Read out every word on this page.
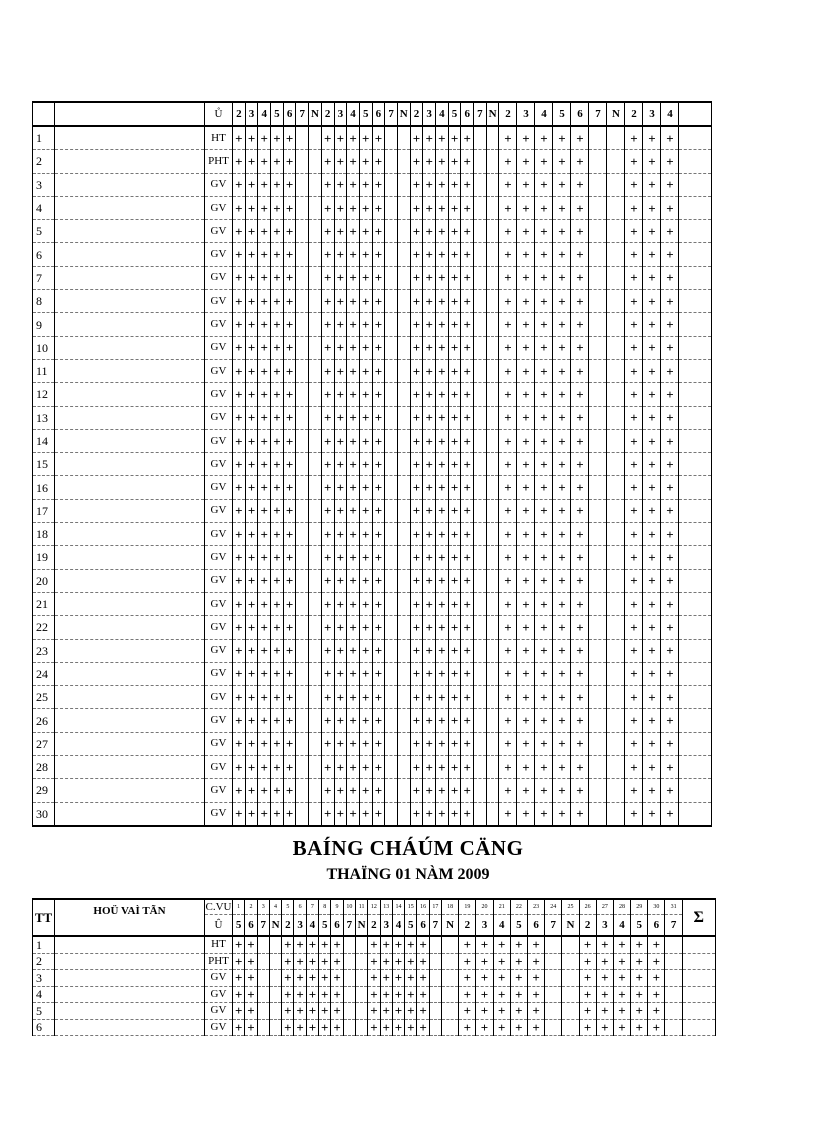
		Ů	2	3	4	5	6	7	N	2	3	4	5	6	7	N	2	3	4	5	6	7	N	2	3	4	5	6	7	N	2	3	4	
1		HT	+	+	+	+	+			+	+	+	+	+			+	+	+	+	+			+	+	+	+	+			+	+	+	
2		PHT	+	+	+	+	+			+	+	+	+	+			+	+	+	+	+			+	+	+	+	+			+	+	+	
3		GV	+	+	+	+	+			+	+	+	+	+			+	+	+	+	+			+	+	+	+	+			+	+	+	
4		GV	+	+	+	+	+			+	+	+	+	+			+	+	+	+	+			+	+	+	+	+			+	+	+	
5		GV	+	+	+	+	+			+	+	+	+	+			+	+	+	+	+			+	+	+	+	+			+	+	+	
6		GV	+	+	+	+	+			+	+	+	+	+			+	+	+	+	+			+	+	+	+	+			+	+	+	
7		GV	+	+	+	+	+			+	+	+	+	+			+	+	+	+	+			+	+	+	+	+			+	+	+	
8		GV	+	+	+	+	+			+	+	+	+	+			+	+	+	+	+			+	+	+	+	+			+	+	+	
9		GV	+	+	+	+	+			+	+	+	+	+			+	+	+	+	+			+	+	+	+	+			+	+	+	
10		GV	+	+	+	+	+			+	+	+	+	+			+	+	+	+	+			+	+	+	+	+			+	+	+	
11		GV	+	+	+	+	+			+	+	+	+	+			+	+	+	+	+			+	+	+	+	+			+	+	+	
12		GV	+	+	+	+	+			+	+	+	+	+			+	+	+	+	+			+	+	+	+	+			+	+	+	
13		GV	+	+	+	+	+			+	+	+	+	+			+	+	+	+	+			+	+	+	+	+			+	+	+	
14		GV	+	+	+	+	+			+	+	+	+	+			+	+	+	+	+			+	+	+	+	+			+	+	+	
15		GV	+	+	+	+	+			+	+	+	+	+			+	+	+	+	+			+	+	+	+	+			+	+	+	
16		GV	+	+	+	+	+			+	+	+	+	+			+	+	+	+	+			+	+	+	+	+			+	+	+	
17		GV	+	+	+	+	+			+	+	+	+	+			+	+	+	+	+			+	+	+	+	+			+	+	+	
18		GV	+	+	+	+	+			+	+	+	+	+			+	+	+	+	+			+	+	+	+	+			+	+	+	
19		GV	+	+	+	+	+			+	+	+	+	+			+	+	+	+	+			+	+	+	+	+			+	+	+	
20		GV	+	+	+	+	+			+	+	+	+	+			+	+	+	+	+			+	+	+	+	+			+	+	+	
21		GV	+	+	+	+	+			+	+	+	+	+			+	+	+	+	+			+	+	+	+	+			+	+	+	
22		GV	+	+	+	+	+			+	+	+	+	+			+	+	+	+	+			+	+	+	+	+			+	+	+	
23		GV	+	+	+	+	+			+	+	+	+	+			+	+	+	+	+			+	+	+	+	+			+	+	+	
24		GV	+	+	+	+	+			+	+	+	+	+			+	+	+	+	+			+	+	+	+	+			+	+	+	
25		GV	+	+	+	+	+			+	+	+	+	+			+	+	+	+	+			+	+	+	+	+			+	+	+	
26		GV	+	+	+	+	+			+	+	+	+	+			+	+	+	+	+			+	+	+	+	+			+	+	+	
27		GV	+	+	+	+	+			+	+	+	+	+			+	+	+	+	+			+	+	+	+	+			+	+	+	
28		GV	+	+	+	+	+			+	+	+	+	+			+	+	+	+	+			+	+	+	+	+			+	+	+	
29		GV	+	+	+	+	+			+	+	+	+	+			+	+	+	+	+			+	+	+	+	+			+	+	+	
30		GV	+	+	+	+	+			+	+	+	+	+			+	+	+	+	+			+	+	+	+	+			+	+	+	
BAÍNG CHÁÚM CÄNG
THAÏNG 01 NÀM 2009
TT	HOÜ VAÌ TÃN	C.VU	1	2	3	4	5	6	7	8	9	10	11	12	13	14	15	16	17	18	19	20	21	22	23	24	25	26	27	28	29	30	31	Σ
		Û	5	6	7	N	2	3	4	5	6	7	N	2	3	4	5	6	7	N	2	3	4	5	6	7	N	2	3	4	5	6	7	
1		HT	+	+			+	+	+	+	+			+	+	+	+	+			+	+	+	+	+			+	+	+	+	+		
2		PHT	+	+			+	+	+	+	+			+	+	+	+	+			+	+	+	+	+			+	+	+	+	+		
3		GV	+	+			+	+	+	+	+			+	+	+	+	+			+	+	+	+	+			+	+	+	+	+		
4		GV	+	+			+	+	+	+	+			+	+	+	+	+			+	+	+	+	+			+	+	+	+	+		
5		GV	+	+			+	+	+	+	+			+	+	+	+	+			+	+	+	+	+			+	+	+	+	+		
6		GV	+	+			+	+	+	+	+			+	+	+	+	+			+	+	+	+	+			+	+	+	+	+		
